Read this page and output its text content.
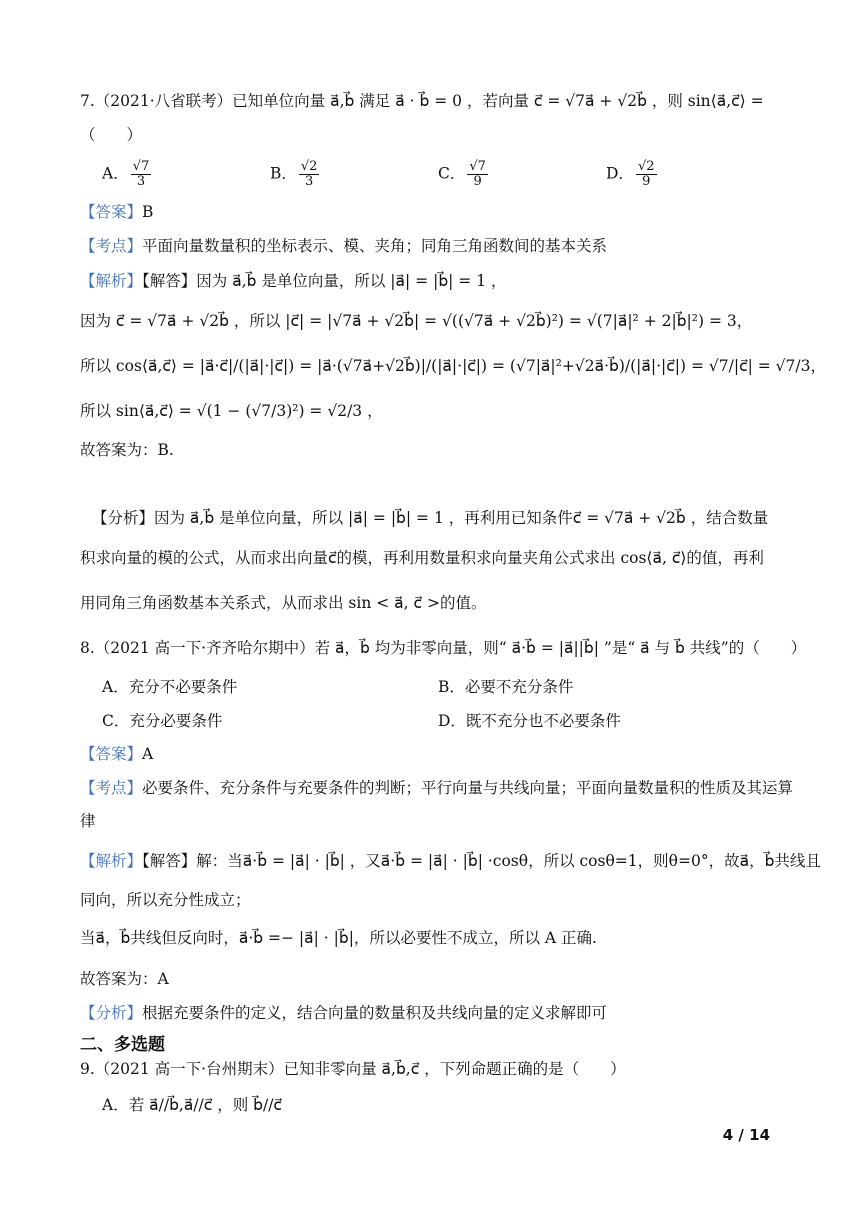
7.（2021·八省联考）已知单位向量 a⃗,b⃗ 满足 a⃗ · b⃗ = 0 ，若向量 c⃗ = √7a⃗ + √2b⃗ ，则 sin⟨a⃗,c⃗⟩ =
（　　）
A． $\frac{√7}{3}$	B． $\frac{√2}{3}$	C． $\frac{√7}{9}$	D． $\frac{√2}{9}$
【答案】B
【考点】平面向量数量积的坐标表示、模、夹角；同角三角函数间的基本关系
【解析】【解答】因为 a⃗,b⃗ 是单位向量，所以 |a⃗| = |b⃗| = 1 ，
因为 c⃗ = √7a⃗ + √2b⃗ ，所以 |c⃗| = |√7a⃗ + √2b⃗| = √((√7a⃗ + √2b⃗)²) = √(7|a⃗|² + 2|b⃗|²) = 3，
所以 cos⟨a⃗,c⃗⟩ = |a⃗·c⃗|/(|a⃗|·|c⃗|) = |a⃗·(√7a⃗+√2b⃗)|/(|a⃗|·|c⃗|) = (√7|a⃗|²+√2a⃗·b⃗)/(|a⃗|·|c⃗|) = √7/|c⃗| = √7/3，
所以 sin⟨a⃗,c⃗⟩ = √(1 − (√7/3)²) = √2/3 ，
故答案为：B.
【分析】因为 a⃗,b⃗ 是单位向量，所以 |a⃗| = |b⃗| = 1 ，再利用已知条件c⃗ = √7a⃗ + √2b⃗ ，结合数量
积求向量的模的公式，从而求出向量c⃗的模，再利用数量积求向量夹角公式求出 cos⟨a⃗, c⃗⟩的值，再利
用同角三角函数基本关系式，从而求出 sin < a⃗, c⃗ >的值。
8.（2021 高一下·齐齐哈尔期中）若 a⃗，b⃗ 均为非零向量，则“ a⃗·b⃗ = |a⃗||b⃗| ”是“ a⃗ 与 b⃗ 共线”的（　　）
A．充分不必要条件	B．必要不充分条件
C．充分必要条件	D．既不充分也不必要条件
【答案】A
【考点】必要条件、充分条件与充要条件的判断；平行向量与共线向量；平面向量数量积的性质及其运算
律
【解析】【解答】解：当a⃗·b⃗ = |a⃗| · |b⃗| ，又a⃗·b⃗ = |a⃗| · |b⃗| ·cosθ，所以 cosθ=1，则θ=0°，故a⃗，b⃗共线且
同向，所以充分性成立；
当a⃗，b⃗共线但反向时，a⃗·b⃗ =− |a⃗| · |b⃗|，所以必要性不成立，所以 A 正确.
故答案为：A
【分析】根据充要条件的定义，结合向量的数量积及共线向量的定义求解即可
二、多选题
9.（2021 高一下·台州期末）已知非零向量 a⃗,b⃗,c⃗ ，下列命题正确的是（　　）
A．若 a⃗//b⃗,a⃗//c⃗ ，则 b⃗//c⃗
4 / 14
